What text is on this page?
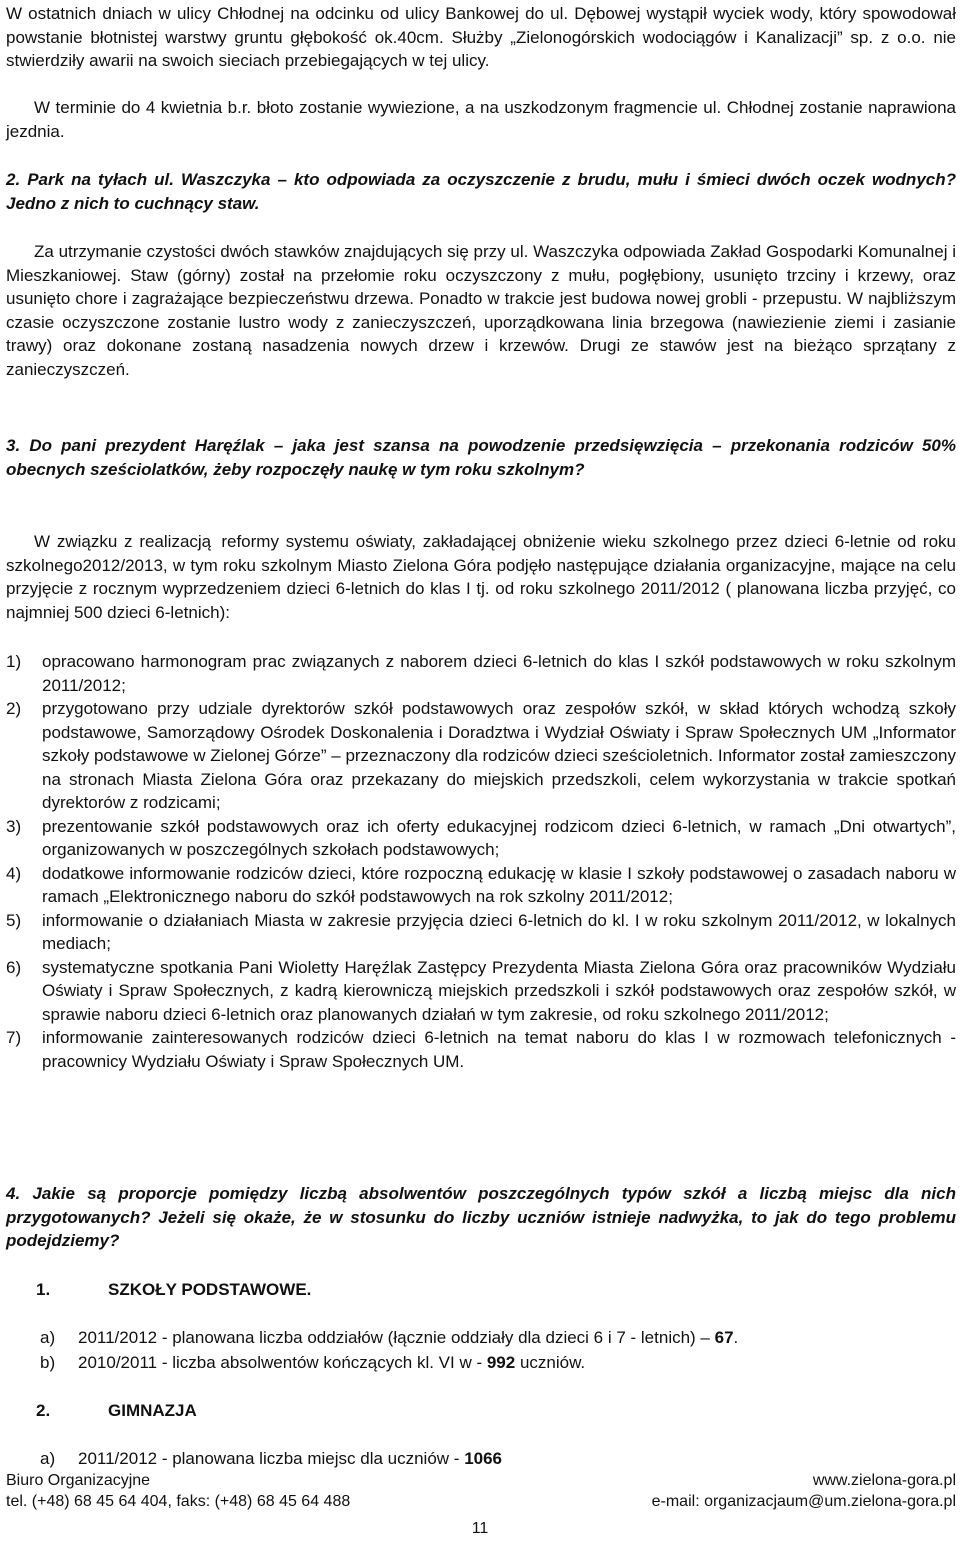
W ostatnich dniach w ulicy Chłodnej na odcinku od ulicy Bankowej do ul. Dębowej wystąpił wyciek wody, który spowodował powstanie błotnistej warstwy gruntu głębokość ok.40cm. Służby „Zielonogórskich wodociągów i Kanalizacji” sp. z o.o. nie stwierdziły awarii na swoich sieciach przebiegających w tej ulicy.

W terminie do 4 kwietnia b.r. błoto zostanie wywiezione, a na uszkodzonym fragmencie ul. Chłodnej zostanie naprawiona jezdnia.

2. Park na tyłach ul. Waszczyka – kto odpowiada za oczyszczenie z brudu, mułu i śmieci dwóch oczek wodnych? Jedno z nich to cuchnący staw.

Za utrzymanie czystości dwóch stawków znajdujących się przy ul. Waszczyka odpowiada Zakład Gospodarki Komunalnej i Mieszkaniowej. Staw (górny) został na przełomie roku oczyszczony z mułu, pogłębiony, usunięto trzciny i krzewy, oraz usunięto chore i zagrażające bezpieczeństwu drzewa. Ponadto w trakcie jest budowa nowej grobli - przepustu. W najbliższym czasie oczyszczone zostanie lustro wody z zanieczyszczeń, uporządkowana linia brzegowa (nawiezienie ziemi i zasianie trawy) oraz dokonane zostaną nasadzenia nowych drzew i krzewów. Drugi ze stawów jest na bieżąco sprzątany z zanieczyszczeń.

3. Do pani prezydent Haręźlak – jaka jest szansa na powodzenie przedsięwzięcia – przekonania rodziców 50% obecnych sześciolatków, żeby rozpoczęły naukę w tym roku szkolnym?

W związku z realizacją reformy systemu oświaty, zakładającej obniżenie wieku szkolnego przez dzieci 6-letnie od roku szkolnego2012/2013, w tym roku szkolnym Miasto Zielona Góra podjęło następujące działania organizacyjne, mające na celu przyjęcie z rocznym wyprzedzeniem dzieci 6-letnich do klas I tj. od roku szkolnego 2011/2012 ( planowana liczba przyjęć, co najmniej 500 dzieci 6-letnich):

1) opracowano harmonogram prac związanych z naborem dzieci 6-letnich do klas I szkół podstawowych w roku szkolnym 2011/2012;
2) przygotowano przy udziale dyrektorów szkół podstawowych oraz zespołów szkół, w skład których wchodzą szkoły podstawowe, Samorządowy Ośrodek Doskonalenia i Doradztwa i Wydział Oświaty i Spraw Społecznych UM „Informator szkoły podstawowe w Zielonej Górze” – przeznaczony dla rodziców dzieci sześcioletnich. Informator został zamieszczony na stronach Miasta Zielona Góra oraz przekazany do miejskich przedszkoli, celem wykorzystania w trakcie spotkań dyrektorów z rodzicami;
3) prezentowanie szkół podstawowych oraz ich oferty edukacyjnej rodzicom dzieci 6-letnich, w ramach „Dni otwartych”, organizowanych w poszczególnych szkołach podstawowych;
4) dodatkowe informowanie rodziców dzieci, które rozpoczną edukację w klasie I szkoły podstawowej o zasadach naboru w ramach „Elektronicznego naboru do szkół podstawowych na rok szkolny 2011/2012;
5) informowanie o działaniach Miasta w zakresie przyjęcia dzieci 6-letnich do kl. I w roku szkolnym 2011/2012, w lokalnych mediach;
6) systematyczne spotkania Pani Wioletty Haręźlak Zastępcy Prezydenta Miasta Zielona Góra oraz pracowników Wydziału Oświaty i Spraw Społecznych, z kadrą kierowniczą miejskich przedszkoli i szkół podstawowych oraz zespołów szkół, w sprawie naboru dzieci 6-letnich oraz planowanych działań w tym zakresie, od roku szkolnego 2011/2012;
7) informowanie zainteresowanych rodziców dzieci 6-letnich na temat naboru do klas I w rozmowach telefonicznych -pracownicy Wydziału Oświaty i Spraw Społecznych UM.

4. Jakie są proporcje pomiędzy liczbą absolwentów poszczególnych typów szkół a liczbą miejsc dla nich przygotowanych? Jeżeli się okaże, że w stosunku do liczby uczniów istnieje nadwyżka, to jak do tego problemu podejdziemy?

1.	SZKOŁY PODSTAWOWE.
a) 2011/2012 - planowana liczba oddziałów (łącznie oddziały dla dzieci 6 i 7 - letnich) – 67.
b) 2010/2011 - liczba absolwentów kończących kl. VI w - 992 uczniów.
2.	GIMNAZJA
a) 2011/2012 - planowana liczba miejsc dla uczniów - 1066
Biuro Organizacyjne	www.zielona-gora.pl
tel. (+48) 68 45 64 404, faks: (+48) 68 45 64 488	e-mail: organizacjaum@um.zielona-gora.pl
11
